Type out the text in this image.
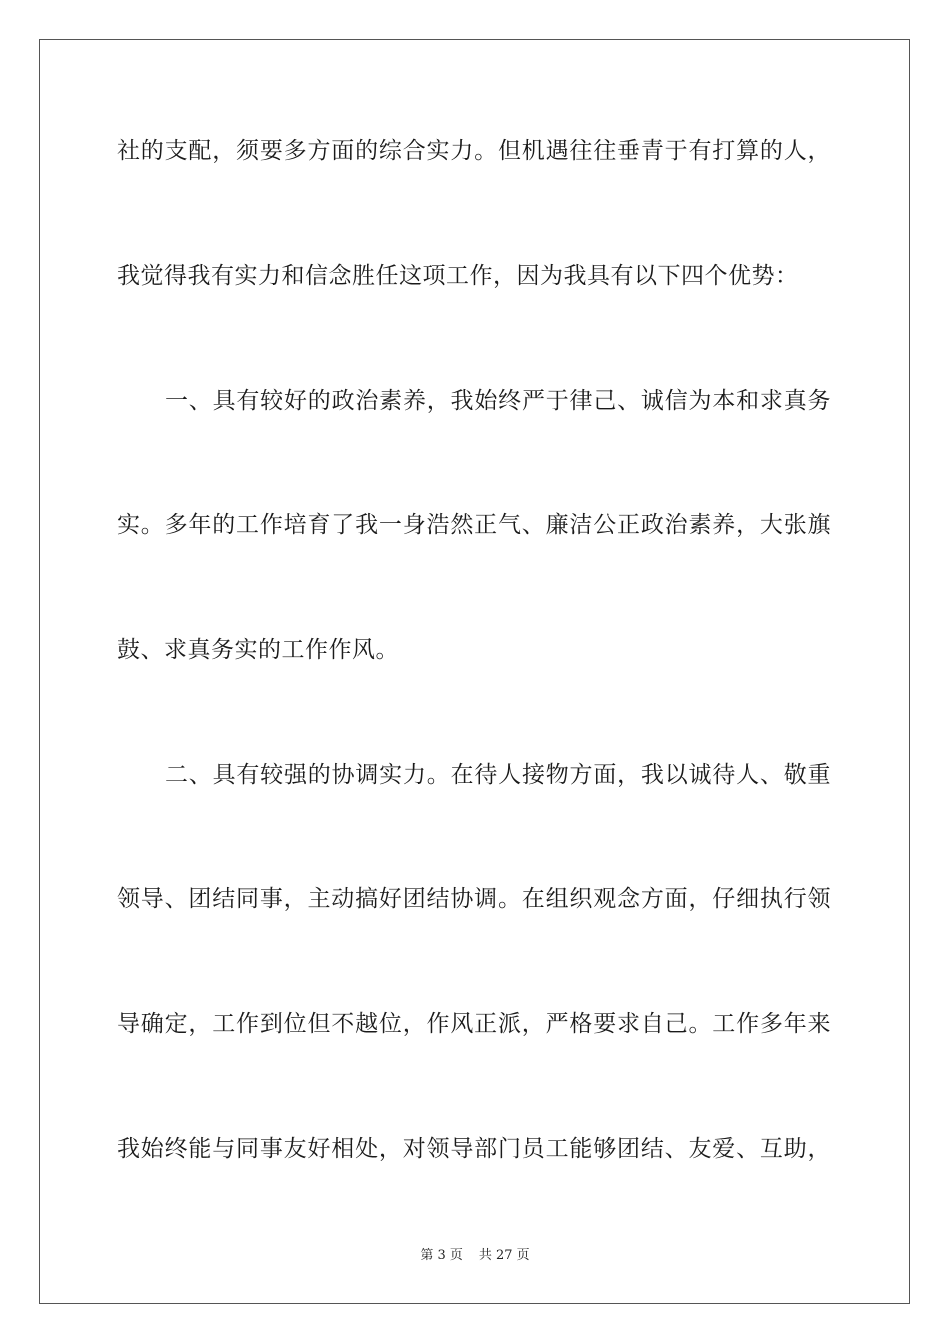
社的支配，须要多方面的综合实力。但机遇往往垂青于有打算的人，
我觉得我有实力和信念胜任这项工作，因为我具有以下四个优势：
一、具有较好的政治素养，我始终严于律己、诚信为本和求真务
实。多年的工作培育了我一身浩然正气、廉洁公正政治素养，大张旗
鼓、求真务实的工作作风。
二、具有较强的协调实力。在待人接物方面，我以诚待人、敬重
领导、团结同事，主动搞好团结协调。在组织观念方面，仔细执行领
导确定，工作到位但不越位，作风正派，严格要求自己。工作多年来
我始终能与同事友好相处，对领导部门员工能够团结、友爱、互助，
第 3 页 共 27 页
